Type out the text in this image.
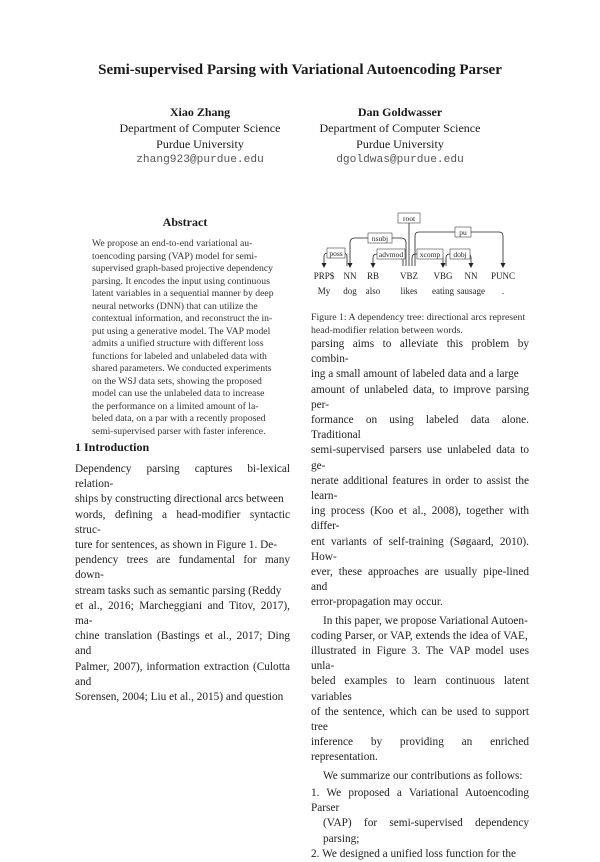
Semi-supervised Parsing with Variational Autoencoding Parser
Xiao Zhang
Department of Computer Science
Purdue University
zhang923@purdue.edu
Dan Goldwasser
Department of Computer Science
Purdue University
dgoldwas@purdue.edu
Abstract
We propose an end-to-end variational au-
toencoding parsing (VAP) model for semi-
supervised graph-based projective dependency
parsing. It encodes the input using continuous
latent variables in a sequential manner by deep
neural networks (DNN) that can utilize the
contextual information, and reconstruct the in-
put using a generative model. The VAP model
admits a unified structure with different loss
functions for labeled and unlabeled data with
shared parameters. We conducted experiments
on the WSJ data sets, showing the proposed
model can use the unlabeled data to increase
the performance on a limited amount of la-
beled data, on a par with a recently proposed
semi-supervised parser with faster inference.
1 Introduction
Dependency parsing captures bi-lexical relation-
ships by constructing directional arcs between
words, defining a head-modifier syntactic struc-
ture for sentences, as shown in Figure 1. De-
pendency trees are fundamental for many down-
stream tasks such as semantic parsing (Reddy
et al., 2016; Marcheggiani and Titov, 2017), ma-
chine translation (Bastings et al., 2017; Ding and
Palmer, 2007), information extraction (Culotta and
Sorensen, 2004; Liu et al., 2015) and question
root
nsubj
poss	advmod xcomp dobj
pu
PRP$ NN RB VBZ VBG NN PUNC
My dog also likes eating sausage .
Figure 1: A dependency tree: directional arcs represent
head-modifier relation between words.
parsing aims to alleviate this problem by combin-
ing a small amount of labeled data and a large
amount of unlabeled data, to improve parsing per-
formance on using labeled data alone. Traditional
semi-supervised parsers use unlabeled data to ge-
nerate additional features in order to assist the learn-
ing process (Koo et al., 2008), together with differ-
ent variants of self-training (Søgaard, 2010). How-
ever, these approaches are usually pipe-lined and
error-propagation may occur.
In this paper, we propose Variational Autoen-
coding Parser, or VAP, extends the idea of VAE,
illustrated in Figure 3. The VAP model uses unla-
beled examples to learn continuous latent variables
of the sentence, which can be used to support tree
inference by providing an enriched representation.
We summarize our contributions as follows:
1. We proposed a Variational Autoencoding Parser
(VAP) for semi-supervised dependency parsing;
2. We designed a unified loss function for the
